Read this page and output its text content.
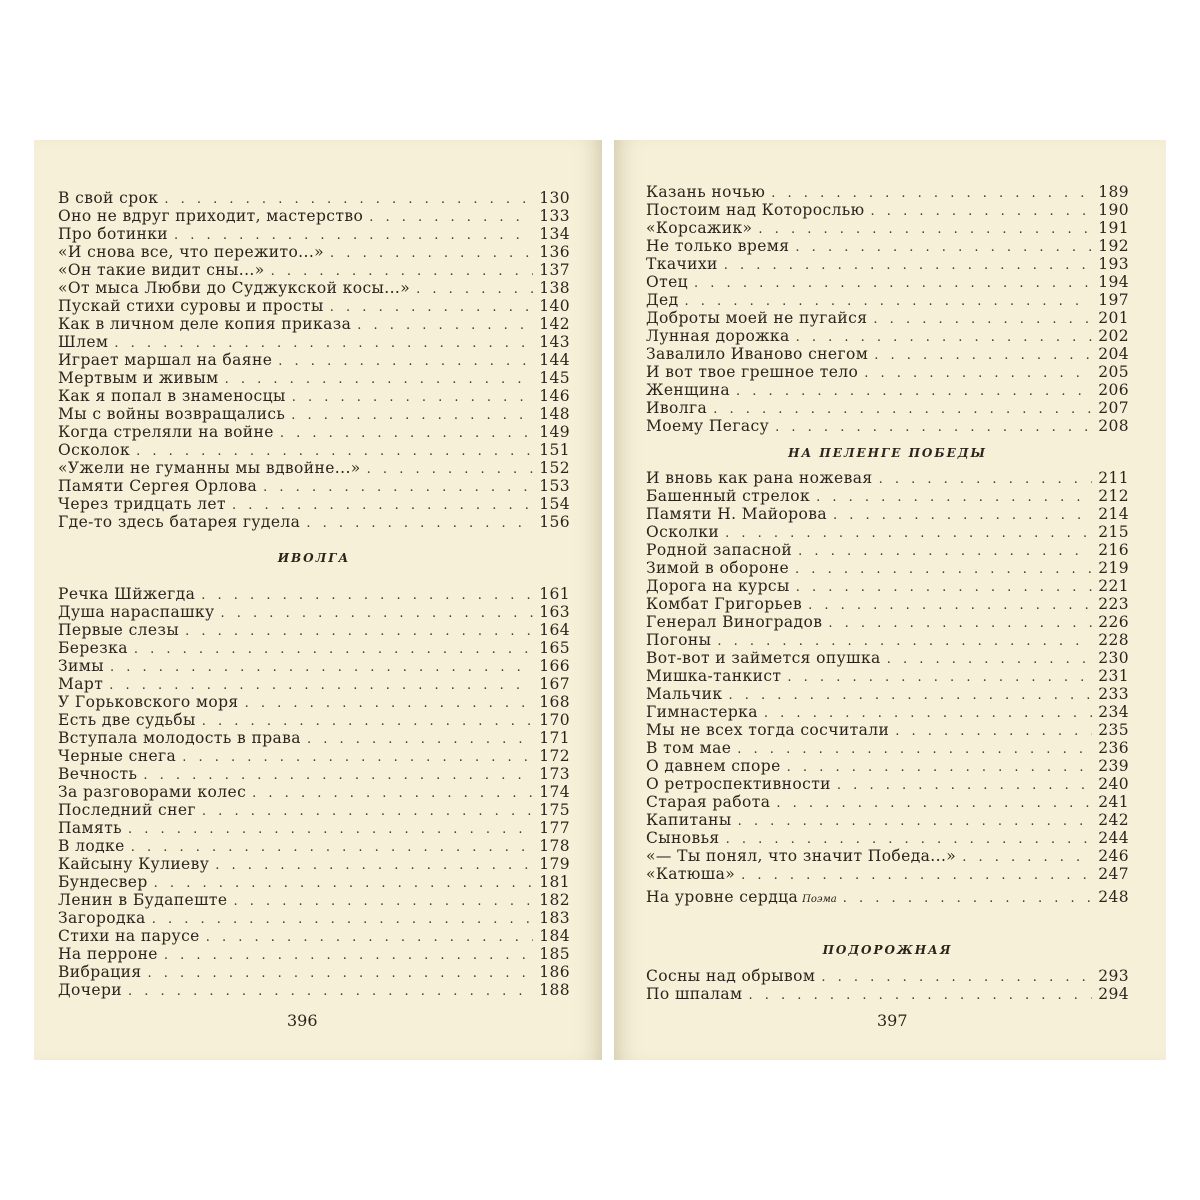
В свой срок . . .	130
Оно не вдруг приходит, мастерство . . .	133
Про ботинки . . .	134
«И снова все, что пережито...» . . .	136
«Он такие видит сны...» . . .	137
«От мыса Любви до Суджукской косы...» . . .	138
Пускай стихи суровы и просты . . .	140
Как в личном деле копия приказа . . .	142
Шлем . . .	143
Играет маршал на баяне . . .	144
Мертвым и живым . . .	145
Как я попал в знаменосцы . . .	146
Мы с войны возвращались . . .	148
Когда стреляли на войне . . .	149
Осколок . . .	151
«Ужели не гуманны мы вдвойне...» . . .	152
Памяти Сергея Орлова . . .	153
Через тридцать лет . . .	154
Где-то здесь батарея гудела . . .	156
ИВОЛГА
Речка Шйжегда . . .	161
Душа нараспашку . . .	163
Первые слезы . . .	164
Березка . . .	165
Зимы . . .	166
Март . . .	167
У Горьковского моря . . .	168
Есть две судьбы . . .	170
Вступала молодость в права . . .	171
Черные снега . . .	172
Вечность . . .	173
За разговорами колес . . .	174
Последний снег . . .	175
Память . . .	177
В лодке . . .	178
Кайсыну Кулиеву . . .	179
Бундесвер . . .	181
Ленин в Будапеште . . .	182
Загородка . . .	183
Стихи на парусе . . .	184
На перроне . . .	185
Вибрация . . .	186
Дочери . . .	188
396
Казань ночью . . .	189
Постоим над Которослью . . .	190
«Корсажик» . . .	191
Не только время . . .	192
Ткачихи . . .	193
Отец . . .	194
Дед . . .	197
Доброты моей не пугайся . . .	201
Лунная дорожка . . .	202
Завалило Иваново снегом . . .	204
И вот твое грешное тело . . .	205
Женщина . . .	206
Иволга . . .	207
Моему Пегасу . . .	208
НА ПЕЛЕНГЕ ПОБЕДЫ
И вновь как рана ножевая . . .	211
Башенный стрелок . . .	212
Памяти Н. Майорова . . .	214
Осколки . . .	215
Родной запасной . . .	216
Зимой в обороне . . .	219
Дорога на курсы . . .	221
Комбат Григорьев . . .	223
Генерал Виноградов . . .	226
Погоны . . .	228
Вот-вот и займется опушка . . .	230
Мишка-танкист . . .	231
Мальчик . . .	233
Гимнастерка . . .	234
Мы не всех тогда сосчитали . . .	235
В том мае . . .	236
О давнем споре . . .	239
О ретроспективности . . .	240
Старая работа . . .	241
Капитаны . . .	242
Сыновья . . .	244
«— Ты понял, что значит Победа...» . . .	246
«Катюша» . . .	247
На уровне сердца Поэма . . .	248
ПОДОРОЖНАЯ
Сосны над обрывом . . .	293
По шпалам . . .	294
397
